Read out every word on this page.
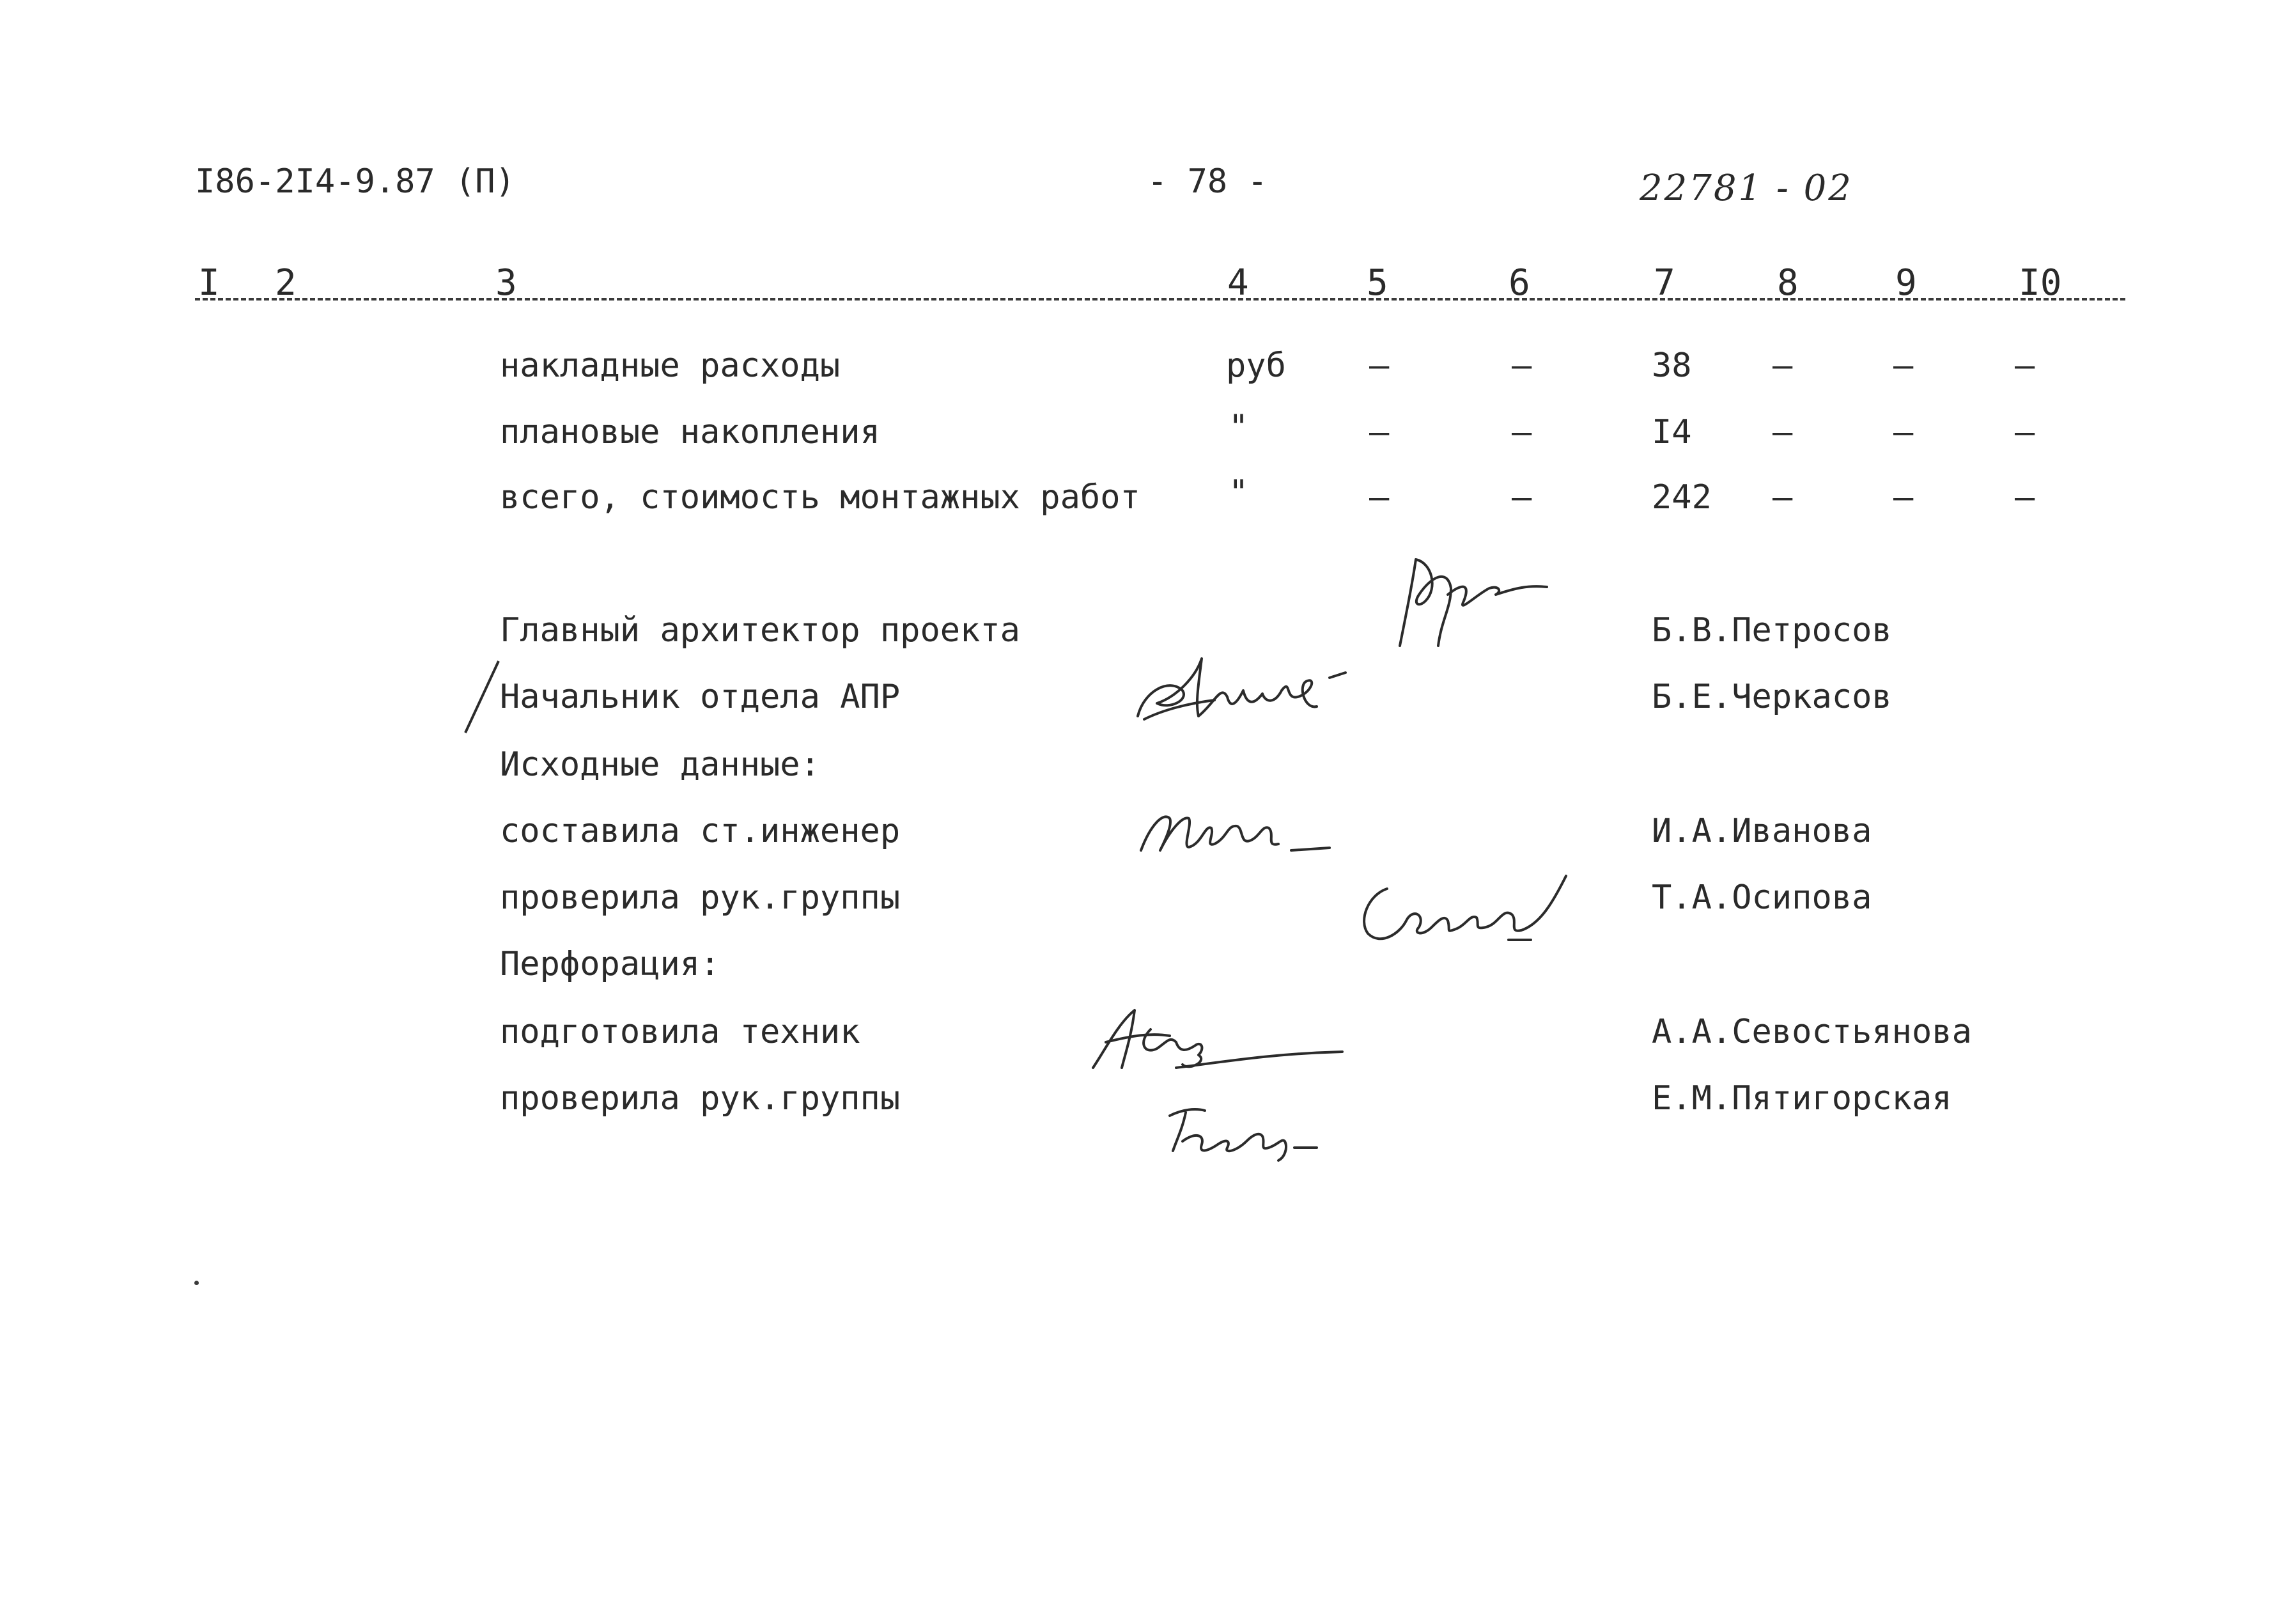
I86-2I4-9.87 (П)	- 78 -	22781 - 02
I 2	3	4	5	6	7	8	9	I0
накладные расходы	руб	–	–	38 –	–	–
плановые накопления	"	–	–	I4 –	–	–
всего, стоимость монтажных работ	"	–	–	242 –	–	–
Главный архитектор проекта	Б.В.Петросов
Начальник отдела АПР	Б.Е.Черкасов
Исходные данные:
составила ст.инженер	И.А.Иванова
проверила рук.группы	Т.А.Осипова
Перфорация:
подготовила техник	А.А.Севостьянова
проверила рук.группы	Е.М.Пятигорская
